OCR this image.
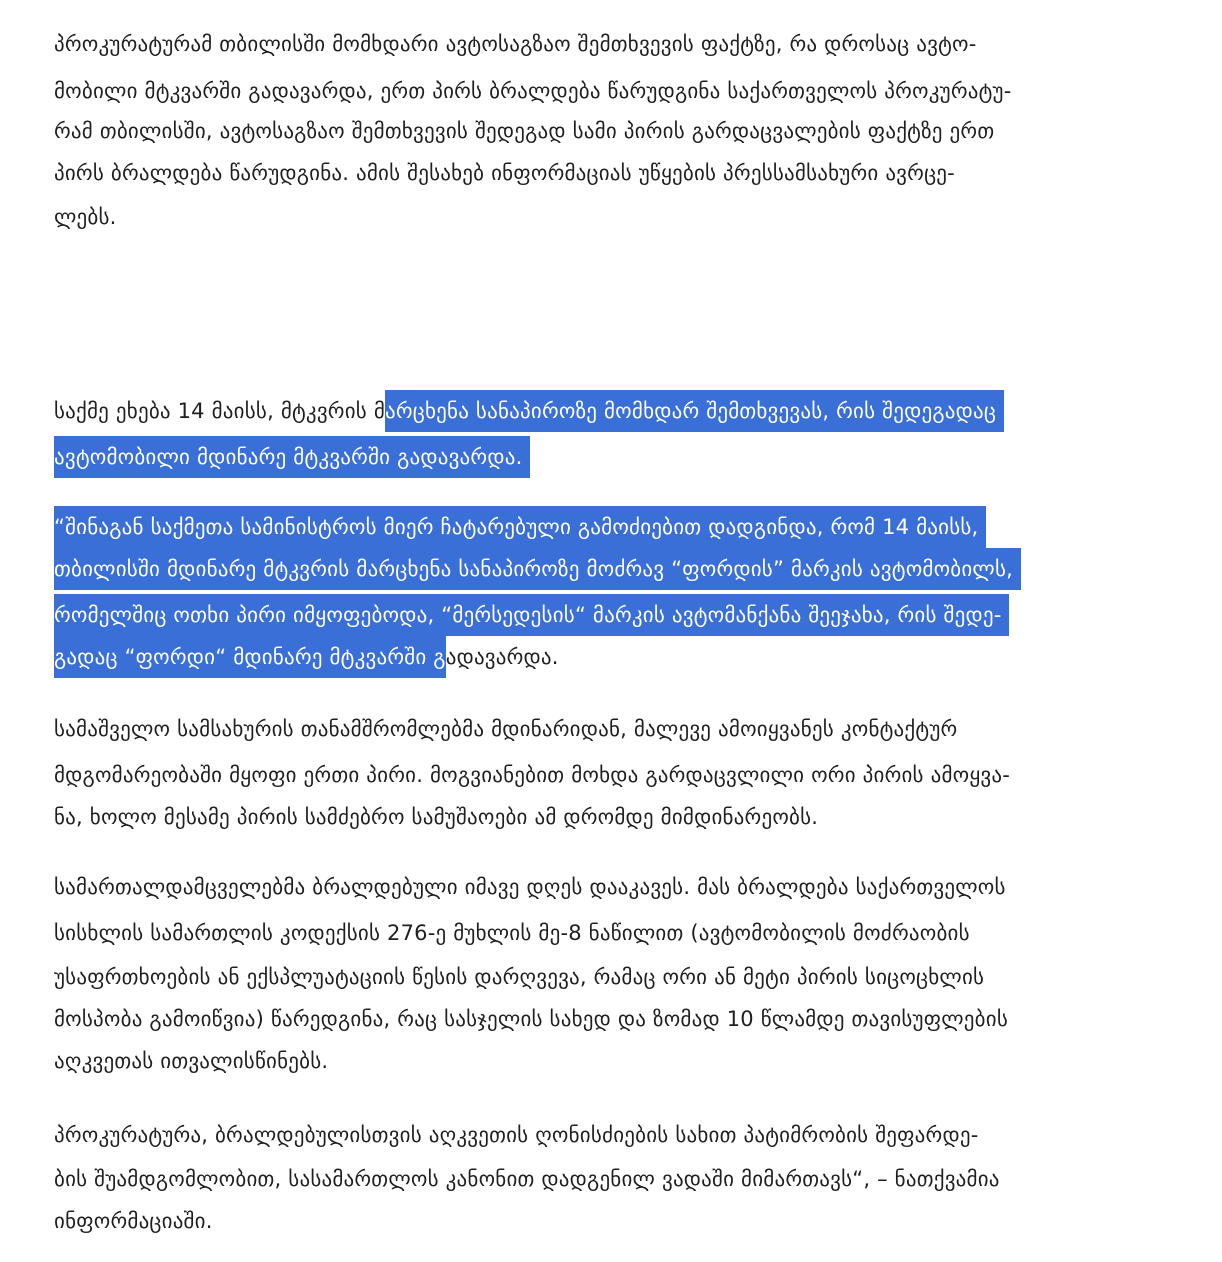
პროკურატურამ თბილისში მომხდარი ავტოსაგზაო შემთხვევის ფაქტზე, რა დროსაც ავტო-
მობილი მტკვარში გადავარდა, ერთ პირს ბრალდება წარუდგინა საქართველოს პროკურატუ-
რამ თბილისში, ავტოსაგზაო შემთხვევის შედეგად სამი პირის გარდაცვალების ფაქტზე ერთ
პირს ბრალდება წარუდგინა. ამის შესახებ ინფორმაციას უწყების პრესსამსახური ავრცე-
ლებს.
საქმე ეხება 14 მაისს, მტკვრის მარცხენა სანაპიროზე მომხდარ შემთხვევას, რის შედეგადაც
ავტომობილი მდინარე მტკვარში გადავარდა.
“შინაგან საქმეთა სამინისტროს მიერ ჩატარებული გამოძიებით დადგინდა, რომ 14 მაისს,
თბილისში მდინარე მტკვრის მარცხენა სანაპიროზე მოძრავ “ფორდის” მარკის ავტომობილს,
რომელშიც ოთხი პირი იმყოფებოდა, “მერსედესის“ მარკის ავტომანქანა შეეჯახა, რის შედე-
გადაც “ფორდი“ მდინარე მტკვარში გადავარდა.
სამაშველო სამსახურის თანამშრომლებმა მდინარიდან, მალევე ამოიყვანეს კონტაქტურ
მდგომარეობაში მყოფი ერთი პირი. მოგვიანებით მოხდა გარდაცვლილი ორი პირის ამოყვა-
ნა, ხოლო მესამე პირის სამძებრო სამუშაოები ამ დრომდე მიმდინარეობს.
სამართალდამცველებმა ბრალდებული იმავე დღეს დააკავეს. მას ბრალდება საქართველოს
სისხლის სამართლის კოდექსის 276-ე მუხლის მე-8 ნაწილით (ავტომობილის მოძრაობის
უსაფრთხოების ან ექსპლუატაციის წესის დარღვევა, რამაც ორი ან მეტი პირის სიცოცხლის
მოსპობა გამოიწვია) წარედგინა, რაც სასჯელის სახედ და ზომად 10 წლამდე თავისუფლების
აღკვეთას ითვალისწინებს.
პროკურატურა, ბრალდებულისთვის აღკვეთის ღონისძიების სახით პატიმრობის შეფარდე-
ბის შუამდგომლობით, სასამართლოს კანონით დადგენილ ვადაში მიმართავს“, – ნათქვამია
ინფორმაციაში.
